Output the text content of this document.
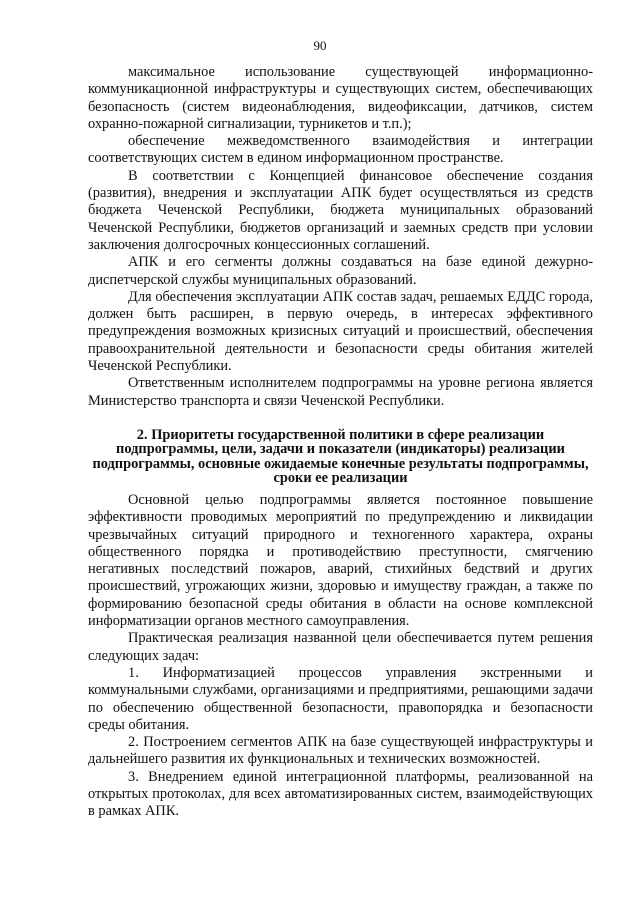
90

максимальное использование существующей информационно-коммуникационной инфраструктуры и существующих систем, обеспечивающих безопасность (систем видеонаблюдения, видеофиксации, датчиков, систем охранно-пожарной сигнализации, турникетов и т.п.);

обеспечение межведомственного взаимодействия и интеграции соответствующих систем в едином информационном пространстве.

В соответствии с Концепцией финансовое обеспечение создания (развития), внедрения и эксплуатации АПК будет осуществляться из средств бюджета Чеченской Республики, бюджета муниципальных образований Чеченской Республики, бюджетов организаций и заемных средств при условии заключения долгосрочных концессионных соглашений.

АПК и его сегменты должны создаваться на базе единой дежурно-диспетчерской службы муниципальных образований.

Для обеспечения эксплуатации АПК состав задач, решаемых ЕДДС города, должен быть расширен, в первую очередь, в интересах эффективного предупреждения возможных кризисных ситуаций и происшествий, обеспечения правоохранительной деятельности и безопасности среды обитания жителей Чеченской Республики.

Ответственным исполнителем подпрограммы на уровне региона является Министерство транспорта и связи Чеченской Республики.

2. Приоритеты государственной политики в сфере реализации подпрограммы, цели, задачи и показатели (индикаторы) реализации подпрограммы, основные ожидаемые конечные результаты подпрограммы, сроки ее реализации

Основной целью подпрограммы является постоянное повышение эффективности проводимых мероприятий по предупреждению и ликвидации чрезвычайных ситуаций природного и техногенного характера, охраны общественного порядка и противодействию преступности, смягчению негативных последствий пожаров, аварий, стихийных бедствий и других происшествий, угрожающих жизни, здоровью и имуществу граждан, а также по формированию безопасной среды обитания в области на основе комплексной информатизации органов местного самоуправления.

Практическая реализация названной цели обеспечивается путем решения следующих задач:

1. Информатизацией процессов управления экстренными и коммунальными службами, организациями и предприятиями, решающими задачи по обеспечению общественной безопасности, правопорядка и безопасности среды обитания.

2. Построением сегментов АПК на базе существующей инфраструктуры и дальнейшего развития их функциональных и технических возможностей.

3. Внедрением единой интеграционной платформы, реализованной на открытых протоколах, для всех автоматизированных систем, взаимодействующих в рамках АПК.
